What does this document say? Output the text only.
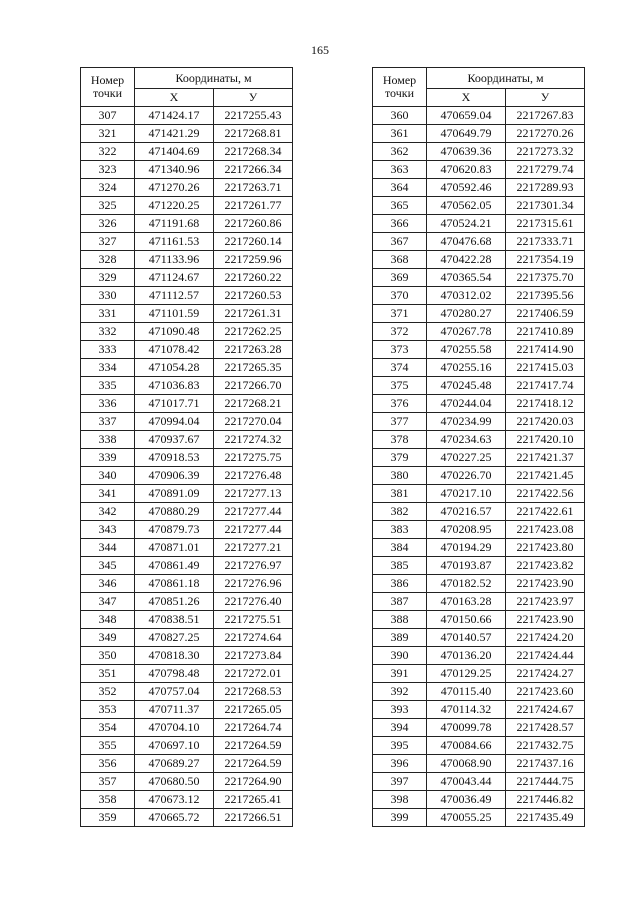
165
Номер
точки	Координаты, м	
	Х	У
307	471424.17	2217255.43
321	471421.29	2217268.81
322	471404.69	2217268.34
323	471340.96	2217266.34
324	471270.26	2217263.71
325	471220.25	2217261.77
326	471191.68	2217260.86
327	471161.53	2217260.14
328	471133.96	2217259.96
329	471124.67	2217260.22
330	471112.57	2217260.53
331	471101.59	2217261.31
332	471090.48	2217262.25
333	471078.42	2217263.28
334	471054.28	2217265.35
335	471036.83	2217266.70
336	471017.71	2217268.21
337	470994.04	2217270.04
338	470937.67	2217274.32
339	470918.53	2217275.75
340	470906.39	2217276.48
341	470891.09	2217277.13
342	470880.29	2217277.44
343	470879.73	2217277.44
344	470871.01	2217277.21
345	470861.49	2217276.97
346	470861.18	2217276.96
347	470851.26	2217276.40
348	470838.51	2217275.51
349	470827.25	2217274.64
350	470818.30	2217273.84
351	470798.48	2217272.01
352	470757.04	2217268.53
353	470711.37	2217265.05
354	470704.10	2217264.74
355	470697.10	2217264.59
356	470689.27	2217264.59
357	470680.50	2217264.90
358	470673.12	2217265.41
359	470665.72	2217266.51
Номер
точки	Координаты, м	
	Х	У
360	470659.04	2217267.83
361	470649.79	2217270.26
362	470639.36	2217273.32
363	470620.83	2217279.74
364	470592.46	2217289.93
365	470562.05	2217301.34
366	470524.21	2217315.61
367	470476.68	2217333.71
368	470422.28	2217354.19
369	470365.54	2217375.70
370	470312.02	2217395.56
371	470280.27	2217406.59
372	470267.78	2217410.89
373	470255.58	2217414.90
374	470255.16	2217415.03
375	470245.48	2217417.74
376	470244.04	2217418.12
377	470234.99	2217420.03
378	470234.63	2217420.10
379	470227.25	2217421.37
380	470226.70	2217421.45
381	470217.10	2217422.56
382	470216.57	2217422.61
383	470208.95	2217423.08
384	470194.29	2217423.80
385	470193.87	2217423.82
386	470182.52	2217423.90
387	470163.28	2217423.97
388	470150.66	2217423.90
389	470140.57	2217424.20
390	470136.20	2217424.44
391	470129.25	2217424.27
392	470115.40	2217423.60
393	470114.32	2217424.67
394	470099.78	2217428.57
395	470084.66	2217432.75
396	470068.90	2217437.16
397	470043.44	2217444.75
398	470036.49	2217446.82
399	470055.25	2217435.49
